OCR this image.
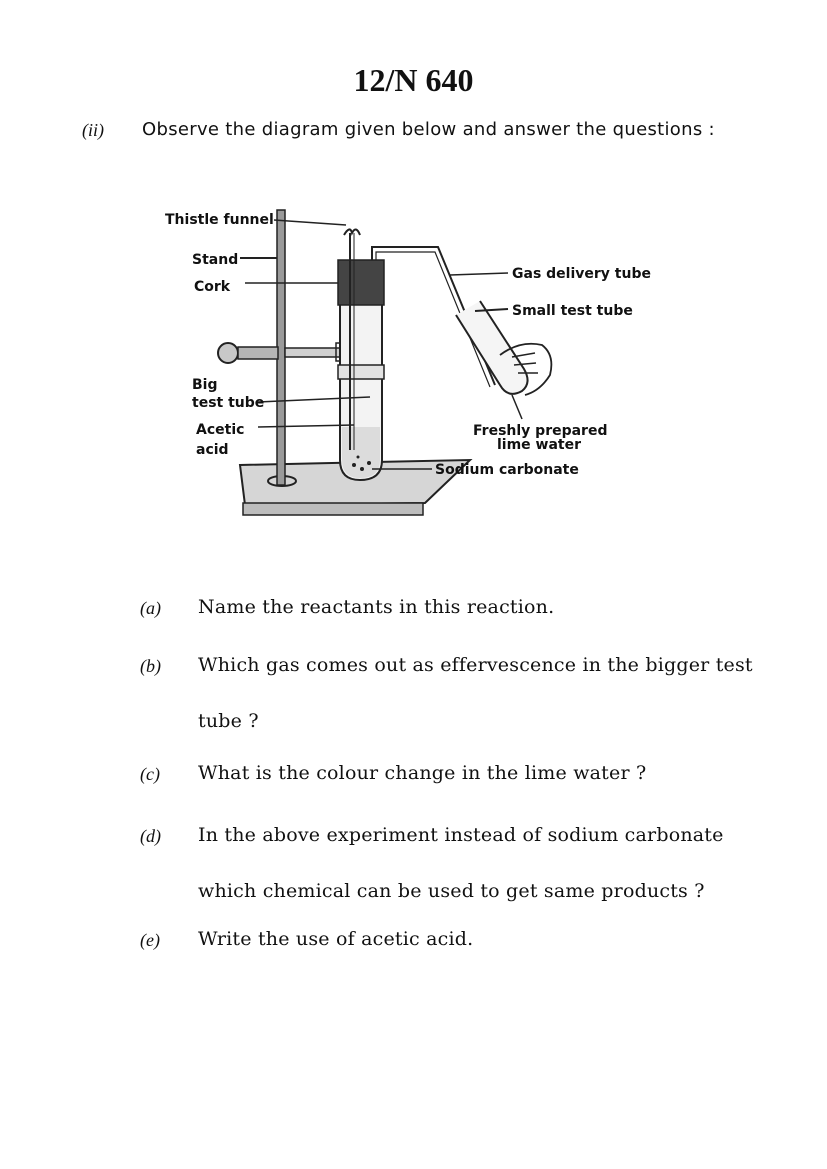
12/N 640
(ii) Observe the diagram given below and answer the questions :
Thistle funnel
Stand
Cork
Big
test tube
Acetic
acid
Gas delivery tube
Small test tube
Freshly prepared
lime water
Sodium carbonate
(a) Name the reactants in this reaction.
(b) Which gas comes out as effervescence in the bigger test tube ?
(c) What is the colour change in the lime water ?
(d) In the above experiment instead of sodium carbonate which chemical can be used to get same products ?
(e) Write the use of acetic acid.
